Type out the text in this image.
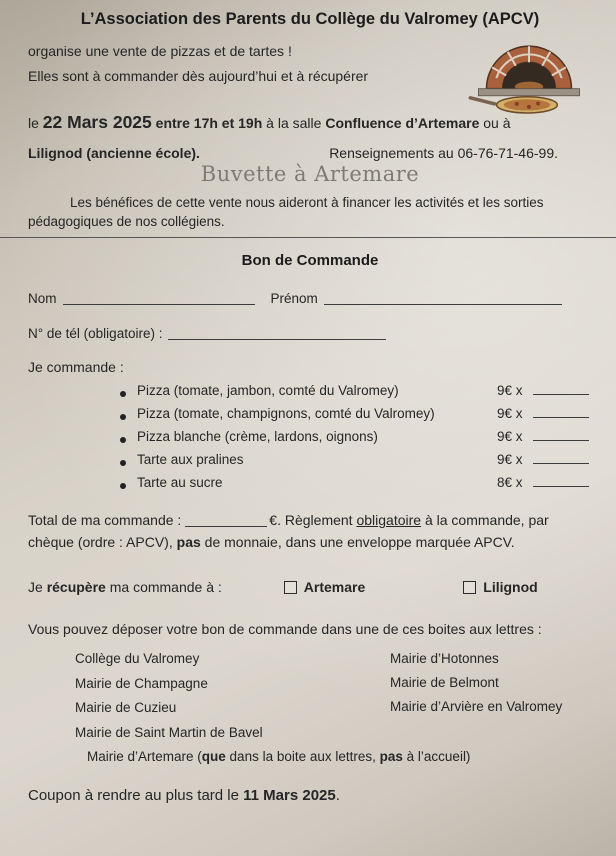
L’Association des Parents du Collège du Valromey (APCV)

organise une vente de pizzas et de tartes !

Elles sont à commander dès aujourd’hui et à récupérer

le 22 Mars 2025 entre 17h et 19h à la salle Confluence d’Artemare ou à

Lilignod (ancienne école).	Renseignements au 06-76-71-46-99.

Buvette à Artemare

Les bénéfices de cette vente nous aideront à financer les activités et les sorties pédagogiques de nos collégiens.

Bon de Commande

Nom	Prénom

N° de tél (obligatoire) :

Je commande :

Pizza (tomate, jambon, comté du Valromey)	9€ x
Pizza (tomate, champignons, comté du Valromey)	9€ x
Pizza blanche (crème, lardons, oignons)	9€ x
Tarte aux pralines	9€ x
Tarte au sucre	8€ x

Total de ma commande :	€. Règlement obligatoire à la commande, par chèque (ordre : APCV), pas de monnaie, dans une enveloppe marquée APCV.

Je récupère ma commande à :	Artemare	Lilignod

Vous pouvez déposer votre bon de commande dans une de ces boites aux lettres :

Collège du Valromey
Mairie de Champagne
Mairie de Cuzieu
Mairie de Saint Martin de Bavel
Mairie d’Artemare (que dans la boite aux lettres, pas à l’accueil)
Mairie d’Hotonnes
Mairie de Belmont
Mairie d’Arvière en Valromey

Coupon à rendre au plus tard le 11 Mars 2025.
